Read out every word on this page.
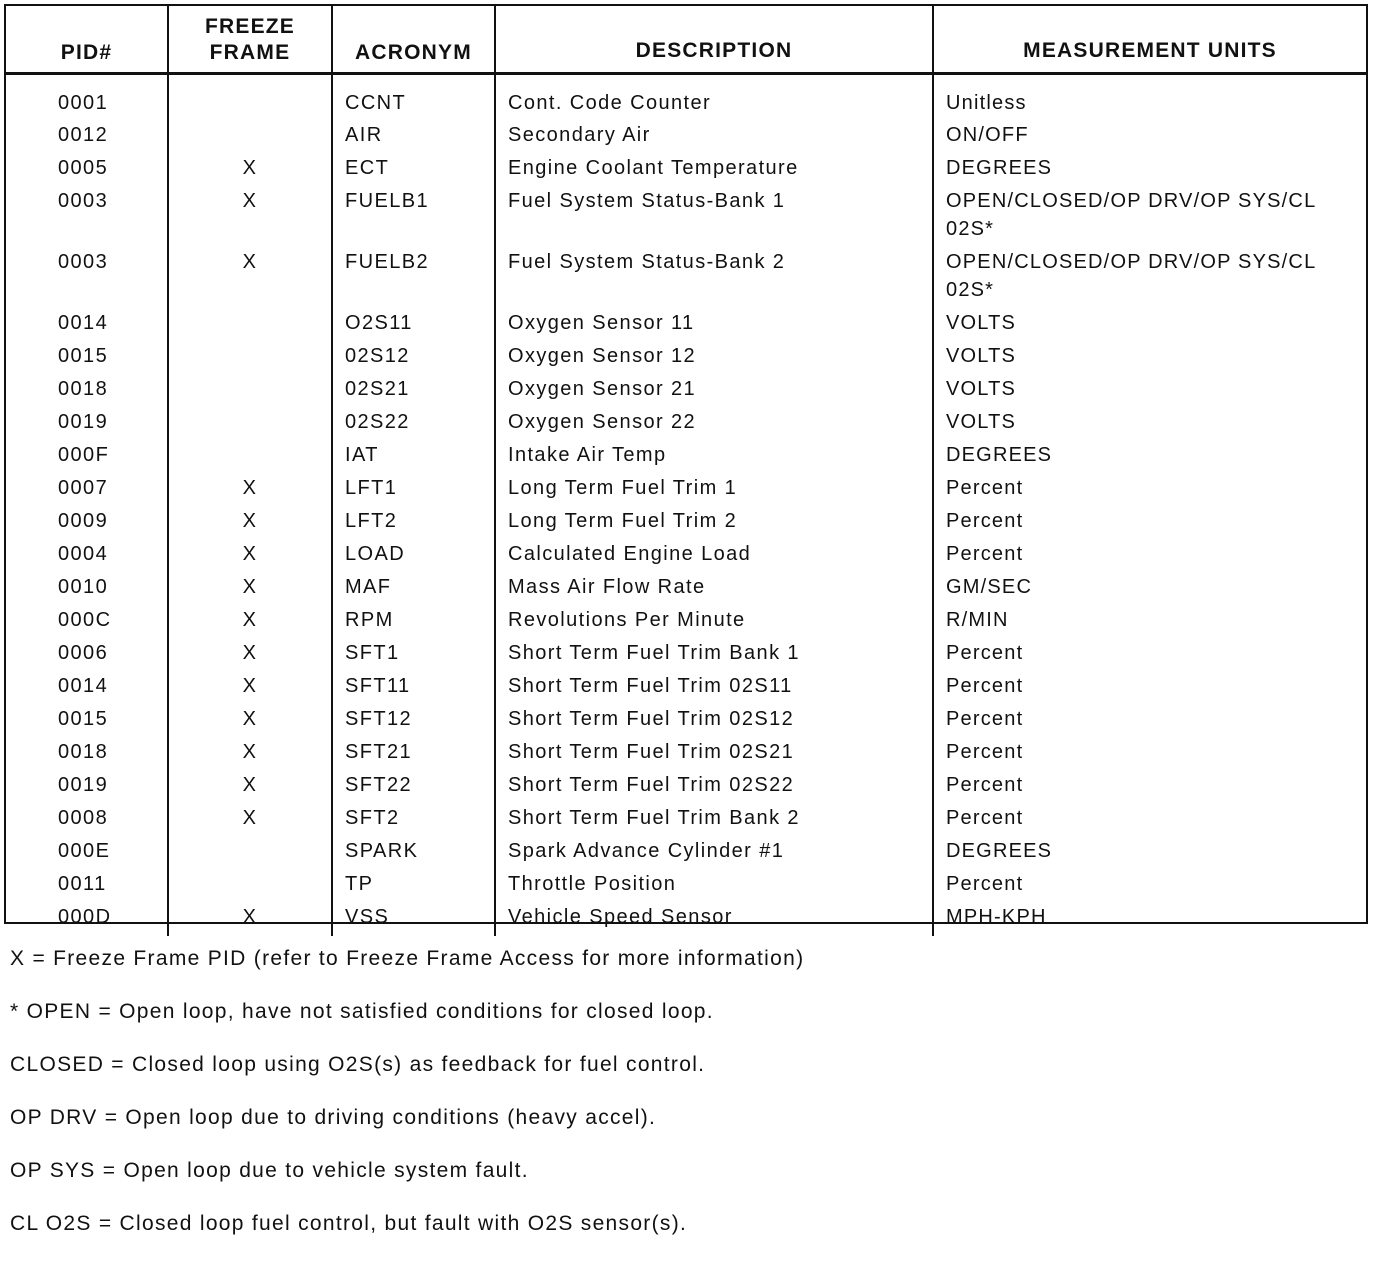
PID#	FREEZE FRAME	ACRONYM	DESCRIPTION	MEASUREMENT UNITS
0001		CCNT	Cont. Code Counter	Unitless
0012		AIR	Secondary Air	ON/OFF
0005	X	ECT	Engine Coolant Temperature	DEGREES
0003	X	FUELB1	Fuel System Status-Bank 1	OPEN/CLOSED/OP DRV/OP SYS/CL 02S*
0003	X	FUELB2	Fuel System Status-Bank 2	OPEN/CLOSED/OP DRV/OP SYS/CL 02S*
0014		O2S11	Oxygen Sensor 11	VOLTS
0015		02S12	Oxygen Sensor 12	VOLTS
0018		02S21	Oxygen Sensor 21	VOLTS
0019		02S22	Oxygen Sensor 22	VOLTS
000F		IAT	Intake Air Temp	DEGREES
0007	X	LFT1	Long Term Fuel Trim 1	Percent
0009	X	LFT2	Long Term Fuel Trim 2	Percent
0004	X	LOAD	Calculated Engine Load	Percent
0010	X	MAF	Mass Air Flow Rate	GM/SEC
000C	X	RPM	Revolutions Per Minute	R/MIN
0006	X	SFT1	Short Term Fuel Trim Bank 1	Percent
0014	X	SFT11	Short Term Fuel Trim 02S11	Percent
0015	X	SFT12	Short Term Fuel Trim 02S12	Percent
0018	X	SFT21	Short Term Fuel Trim 02S21	Percent
0019	X	SFT22	Short Term Fuel Trim 02S22	Percent
0008	X	SFT2	Short Term Fuel Trim Bank 2	Percent
000E		SPARK	Spark Advance Cylinder #1	DEGREES
0011		TP	Throttle Position	Percent
000D	X	VSS	Vehicle Speed Sensor	MPH-KPH
X = Freeze Frame PID (refer to Freeze Frame Access for more information)
* OPEN = Open loop, have not satisfied conditions for closed loop.
CLOSED = Closed loop using O2S(s) as feedback for fuel control.
OP DRV = Open loop due to driving conditions (heavy accel).
OP SYS = Open loop due to vehicle system fault.
CL O2S = Closed loop fuel control, but fault with O2S sensor(s).
